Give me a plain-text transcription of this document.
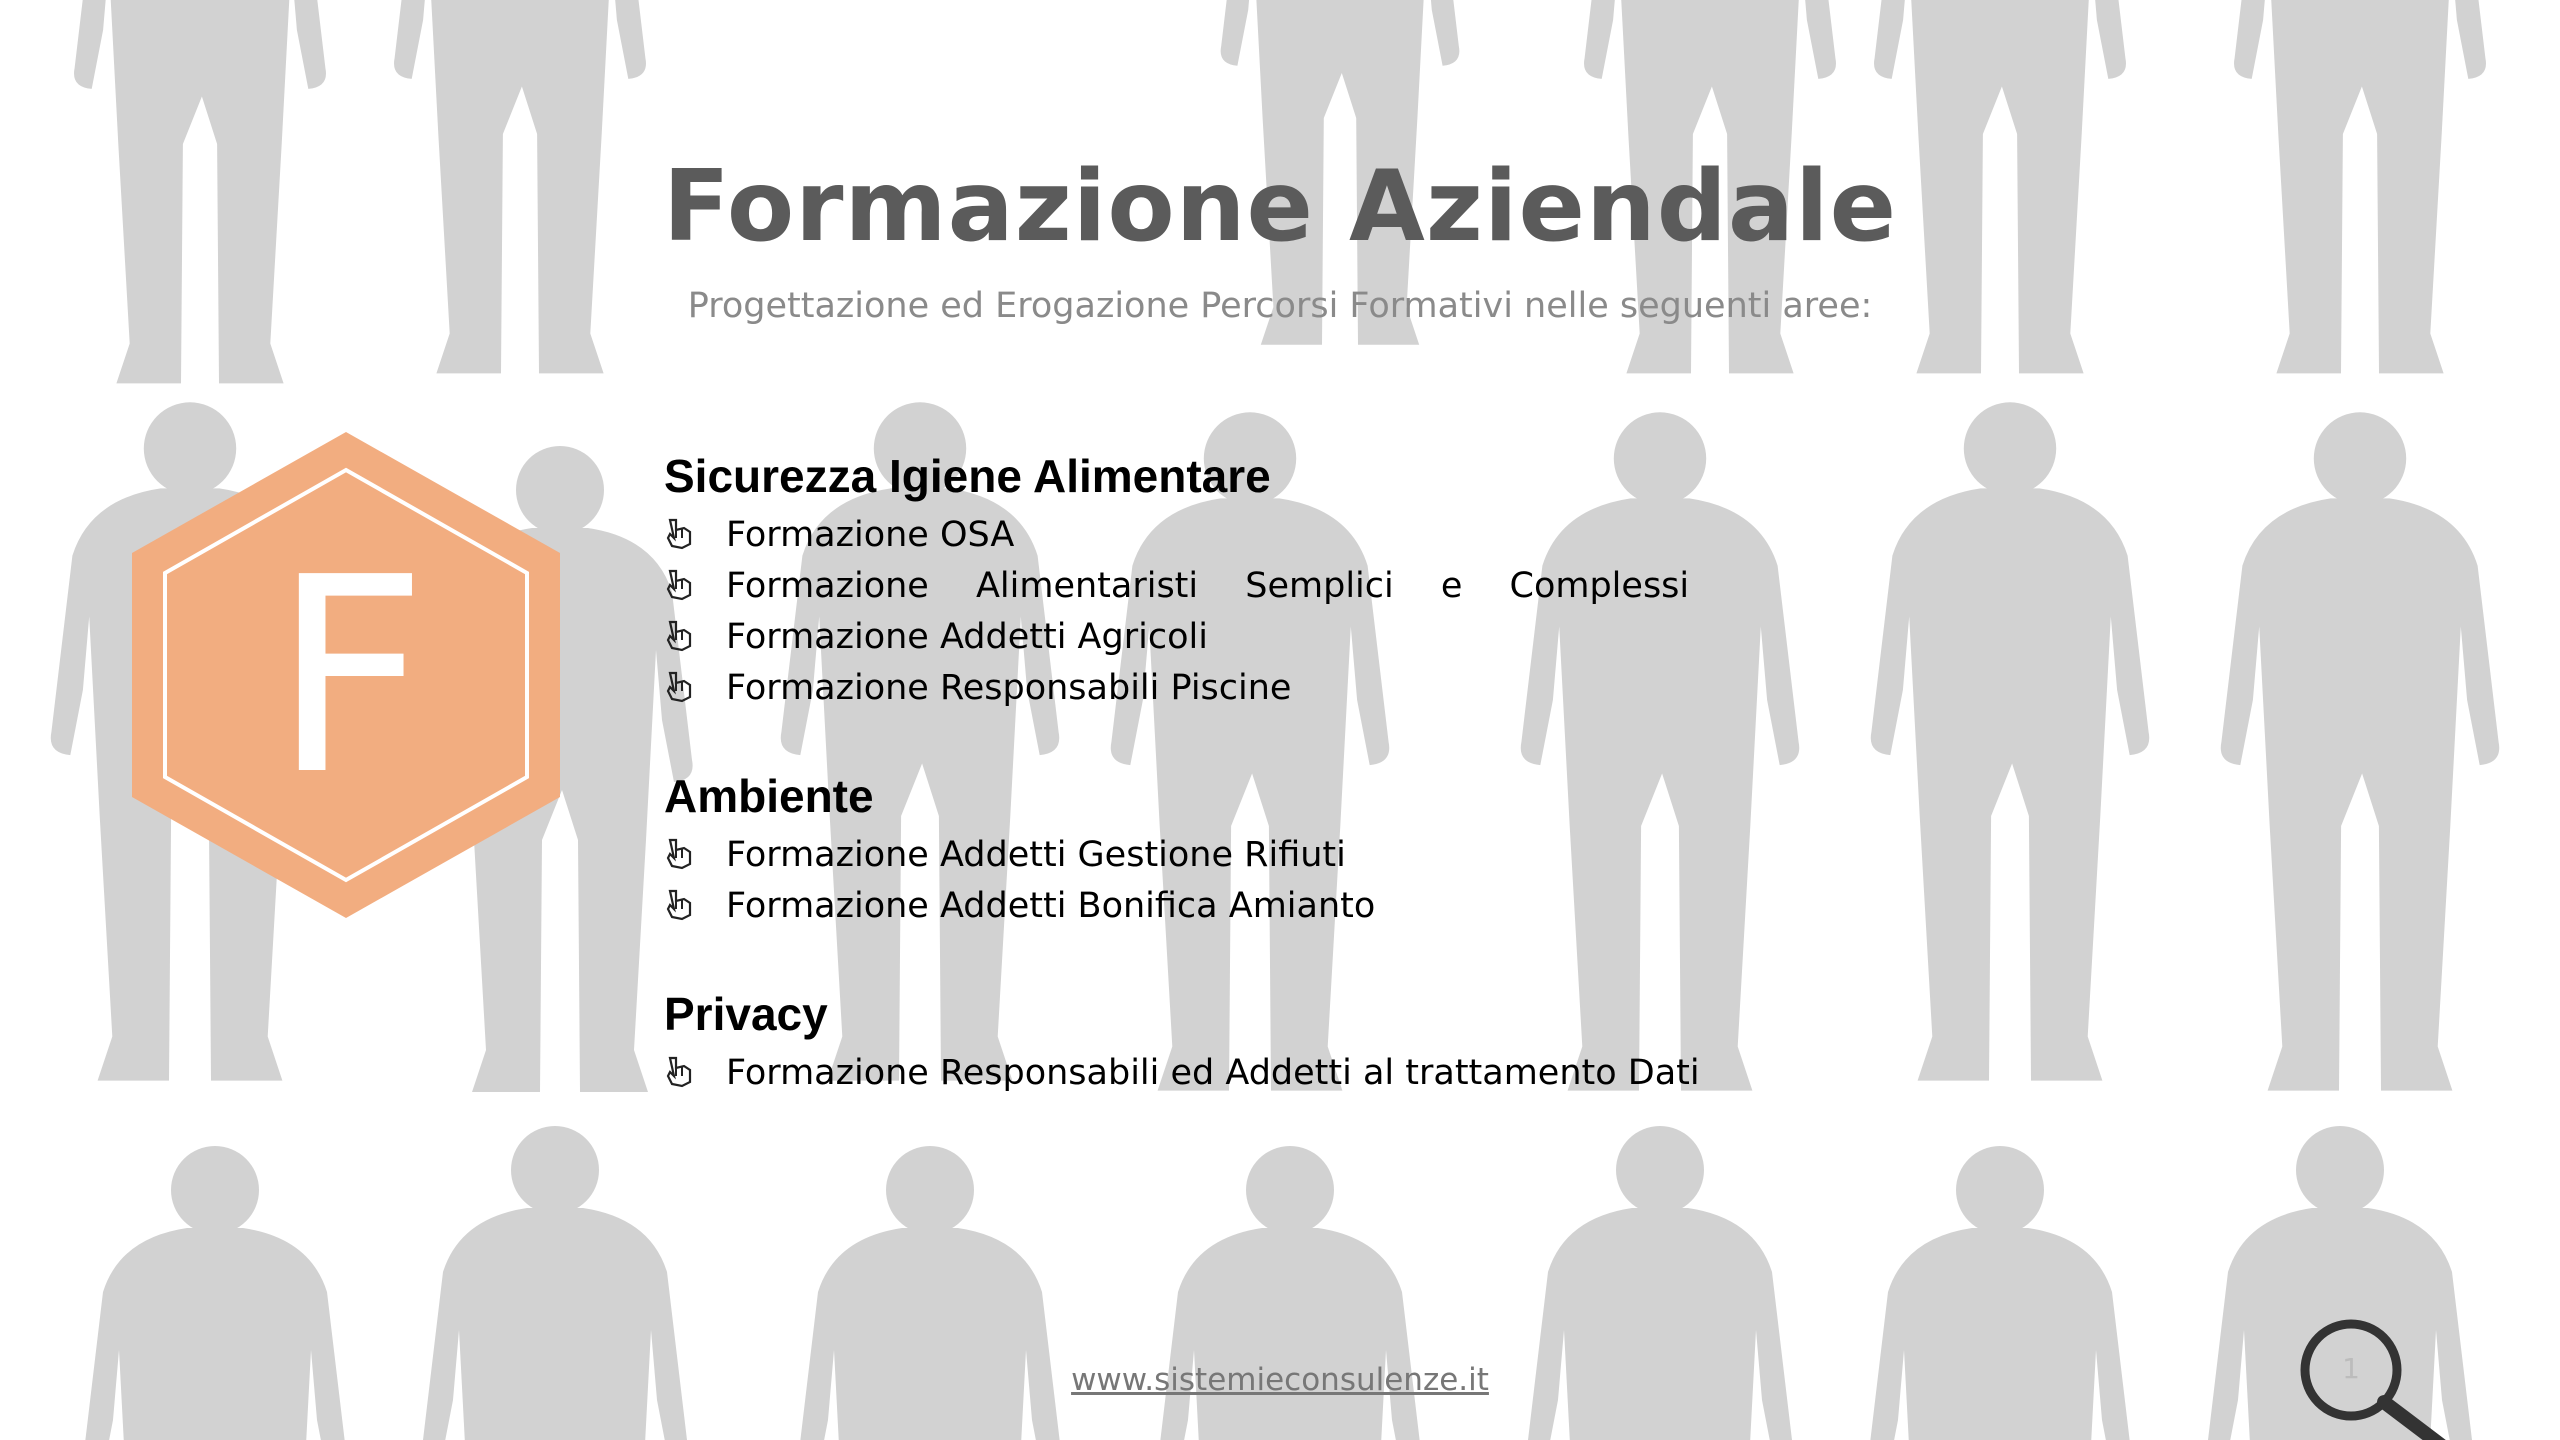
Formazione Aziendale
Progettazione ed Erogazione Percorsi Formativi nelle seguenti aree:
F
Sicurezza Igiene Alimentare
Formazione OSA
Formazione Alimentaristi Semplici e Complessi
Formazione Addetti Agricoli
Formazione Responsabili Piscine
Ambiente
Formazione Addetti Gestione Rifiuti
Formazione Addetti Bonifica Amianto
Privacy
Formazione Responsabili ed Addetti al trattamento Dati
www.sistemieconsulenze.it	1
